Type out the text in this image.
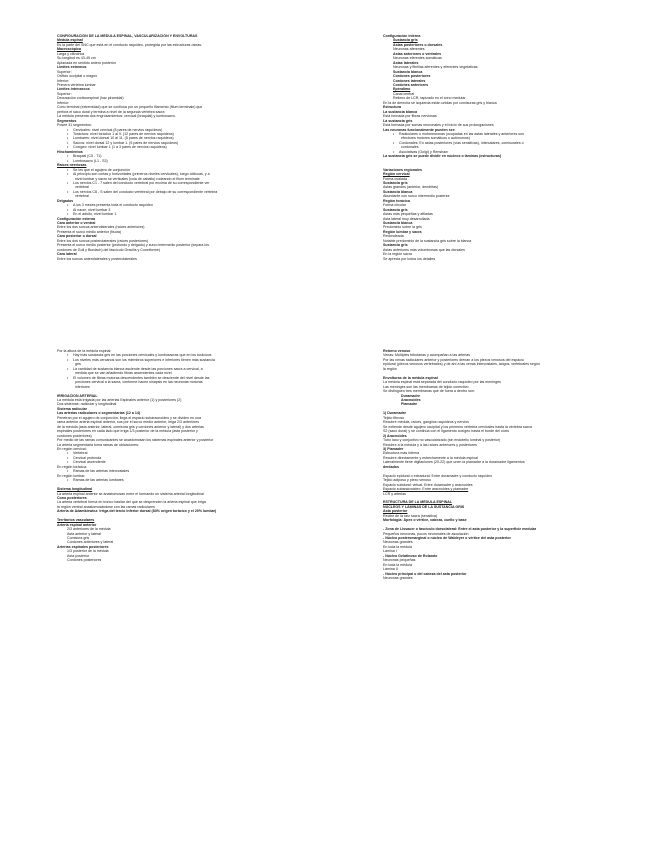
CONFIGURACIÓN DE LA MÉDULA ESPINAL, VASCULARIZACIÓN Y ENVOLTURAS
Médula espinal
Es la parte del SNC que está en el conducto raquídeo, protegida por las estructuras óseas.
Macroscópica
Larga y cilíndrica
Su longitud es 43-45 cm
Aplanada en sentido antero posterior
Límites extremos
Superior:
Orificio occipital o magno
Inferior:
Primera vértebra lumbar
Límites intrínsecos
Superior:
Decusación corticoespinal (haz piramidal)
Inferior:
Cono terminal (extremidad) que se continúa por un pequeño filamento (filum terminale) que
perfora el saco dural y termina a nivel de la segunda vértebra sacra
La médula presenta dos engrosamientos: cervical (braquial) y lumbosacro.
Segmentos
Posee 31 segmentos:
• Cervicales: nivel cervical (8 pares de nervios raquídeos)
• Torácicos: nivel torácico 1 al 9. (12 pares de nervios raquídeos)
• Lumbares: nivel dorsal 10 al 11. (5 pares de nervios raquídeos)
• Sacros: nivel dorsal 12 y lumbar 1. (5 pares de nervios raquídeos)
• Coxígeo: nivel lumbar 1 (1 a 3 pares de nervios raquídeos)
Hinchamientos
• Braquial (C5 - T1)
• Lumbosacro (L1 - S3)
Raíces nerviosas
• Se les que el agujero de conjunción
• Al principio son cortas y horizontales (primeros niveles cervicales), luego oblicuas, y a
nivel lumbar y sacro se verticales (cola de caballo) rodeando el filum terminale
• Los nervios C1 - 7 salen del conducto vertebral por encima de su correspondiente ver
vertebral
• Los nervios C8 - S salen del conducto vertebral por debajo de su correspondiente vértebra
vertebral
Delgados
• A los 3 meses presenta toda el conducto raquídeo
• Al nacer, nivel lumbar 3
• En el adulto, nivel lumbar 1
Configuración externa
Cara anterior o ventral
Entre los dos surcos anterolaterales (raíces anteriores)
Presenta el surco medio anterior (fisura)
Cara posterior o dorsal
Entre los dos surcos posterolaterales (raíces posteriores)
Presenta el surco medio posterior (profundo y delgado) y surco intermedio posterior (separa los
cordones de Goll y Burdach) del fascículo Gracilis y Cuneiforme)
Cara lateral
Entre los surcos anterolaterales y posterolaterales
Configuración interna
Sustancia gris
Astas posteriores o dorsales
Neuronas aferentes
Astas anteriores o ventrales
Neuronas eferentes somáticas
Astas laterales
Neuronas y fibrillas aferentes y eferentes vegetativas
Sustancia blanca
Cordones posteriores
Cordones laterales
Cordones anteriores
Epéndimo
Canal central
Relleno de LCR, tapizado en el cono medular
En la de derecha se izquierda están unidas por comisuras gris y blanca
Estructura
La sustancia blanca
Está formada por fibras nerviosas
La sustancia gris
Está formada por somas neuronales y el inicio de sus prolongaciones
Las neuronas funcionalmente pueden ser:
• Radiculares o motoneuronas (ocupadas en las astas laterales y anteriores son
efectores motores somáticos o autónomos)
• Cordonales: En astas posteriores (vías sensitivas), intercalares, comisurales o
cordonales
• Asociativas (Golgi) y Renshaw
La sustancia gris se puede dividir en núcleos o láminas (estructuras)

Variaciones regionales
Región cervical
Forma ovalada
Sustancia gris
Astas grandes (anterior, dendritas)
Sustancia blanca
Abundante con surco intermedio posterior
Región torácica
Forma circular
Sustancia gris
Astas más pequeñas y afiladas
Asta lateral muy desarrollada
Sustancia blanca
Predominio sobre la gris
Región lumbar y sacra
Redondeada
Notable predominio de la sustancia gris sobre la blanca
Sustancia gris
Astas anteriores más voluminosas que las dorsales
En la región sacra
Se aprecia por todos los detalles
Por la altura de la médula espinal:
• Hay más sustancia gris en las porciones cervicales y lumbosacras que en los torácicos
• Los niveles más cercanos son los miembros superiores e inferiores tienen más sustancia
gris
• La cantidad de sustancia blanca asciende desde las porciones sacra a cervical, a
medida que se van añadiendo fibras ascendentes cada nivel
• El volumen de fibras motoras descendentes también se desciende del nivel desde las
porciones cervical a la sacra, conforme hacen sinapsis en las neuronas motoras
inferiores

IRRIGACIÓN ARTERIAL
La médula está irrigada por las arterias Espinales anterior (1) y posteriores (2)
Dos sistemas: radicular y longitudinal
Sistema radicular
Las arterias radiculares o segmentarias (12 a 14)
Penetran por el agujero de conjunción, llega el espacio subaracnoideo y se dividen en una
rama anterior arteria espinal anterior, sus por el surco medio anterior, irriga 2/3 anteriores
de la médula (asta anterior, lateral, comisura gris y cordones anterior y lateral) y dos arterias
espinales posteriores en cada lado que irriga 1/3 posterior de la médula (asta posterior y
cordones posteriores)
Por medio de las ramas comunicantes se anastomosan los sistemas espinales anterior y posterior
La arteria segmentaria toma ramas de ubicaciones:
En región cervical:
• Vertebral
• Cervical profunda
• Cervical ascendente
En región torácica:
• Ramas de las arterias intercostales
En región lumbar:
• Ramas de las arterias lumbares

Sistema longitudinal
La arteria espinal anterior se anastomosan entre el formando un sistema arterial longitudinal
Cono posteriores
La arteria vertebral forma en tronco basilar del que se desprenden la arteria espinal que irriga
la región ventral anastomosándose con las ramas radiculares
Arteria de Adamkiewicz: irriga del tercio inferior dorsal (83% origen torácico y el 20% lumbar)

Territorios vasculares
Arteria espinal anterior
2/3 anteriores de la médula
Asta anterior y lateral
Comisura gris
Cordones anteriores y lateral
Arterias espinales posteriores
1/3 posterior de la médula
Asta posterior
Cordones posteriores
Retorno venoso
Venas: Múltiples tributarias y acompañan a las arterias
Por las venas radiculares anterior y posteriores drenan a los plexos venosos del espacio
epidural (plexos venosos vertebrales) y de ahí a las venas intercostales, ácigos, vertebrales según
la región

Envolturas de la médula espinal
La médula espinal está separada del conducto raquídeo por las meninges
Las meninges son las membranas de tejido conectivo
Se distinguen tres membranas que de fuera a dentro son:
Duramadre
Aracnoides
Piamadre

1) Duramadre
Tejido fibroso
Recubre médula, raíces, ganglios raquídeos y nervios
Se extiende desde agujero occipital y los primeros vértebra cervicales hasta la vértebra sacra
S2 (saco dural) y se continúa con el ligamento coxígeo hasta el borde del cóxis
2) Aracnoides
Tubo laxo y conjuntivo no vascularizado (sin endotelio luminal y posterior)
Recubre a la médula y a las raíces anteriores y posteriores
3) Piamadre
Estructura más interna
Recubre directamente y estrechamente a la médula espinal
Lateralmente tiene digitaciones (20-22) que unen la piamadre a la duramadre ligamentos
dentados

Espacio epidural o extradural: Entre duramadre y conducto raquídeo
Tejido adiposo y plexo venoso
Espacio subdural: virtual. Entre duramadre y aracnoides
Espacio subaracnoideo: Entre aracnoides y piamadre
LCR y arterias

ESTRUCTURA DE LA MÉDULA ESPINAL
NÚCLEOS Y LÁMINAS DE LA SUSTANCIA GRIS
Asta posterior
Recibe de la raíz sacra (sensitiva)
Morfología: Ápex o vértice, cabeza, cuello y base

- Zona de Lissauer o fascículo dorsolateral: Entre el asta posterior y la superficie medular
Pequeños neuronas, pocos neuronales de asociación
- Núcleo posteromarginal o núcleo de Waldeyer o vértice del asta posterior
Neuronas grandes
En toda la médula
Lámina I
- Núcleo Gelatinoso de Rolando
Neuronas pequeñas
En toda la médula
Lámina II
- Núcleo principal o del cabeza del asta posterior
Neuronas grandes
